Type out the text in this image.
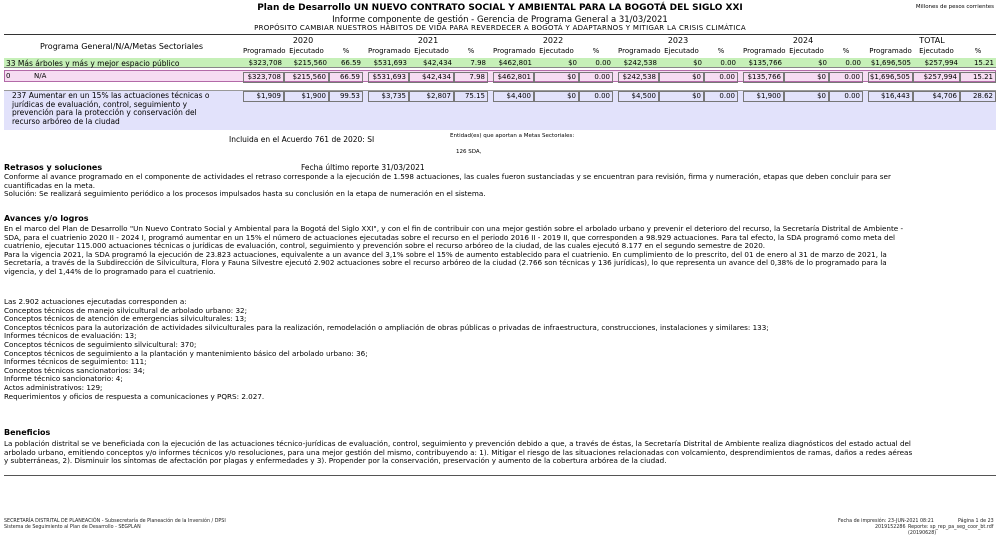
Plan de Desarrollo UN NUEVO CONTRATO SOCIAL Y AMBIENTAL PARA LA BOGOTÁ DEL SIGLO XXI
Informe componente de gestión - Gerencia de Programa General a 31/03/2021
PROPÓSITO CAMBIAR NUESTROS HÁBITOS DE VIDA PARA REVERDECER A BOGOTÁ Y ADAPTARNOS Y MITIGAR LA CRISIS CLIMÁTICA
Millones de pesos corrientes
Programa General/N/A/Metas Sectoriales
2020	2021	2022	2023	2024	TOTAL
Programado Ejecutado	%	Programado Ejecutado	%	Programado Ejecutado	%	Programado Ejecutado	%	Programado Ejecutado	%	Programado	Ejecutado	%
33 Más árboles y más y mejor espacio público	$323,708	$215,560	66.59	$531,693	$42,434	7.98	$462,801	$0	0.00	$242,538	$0	0.00	$135,766	$0	0.00	$1,696,505	$257,994	15.21
0	N/A	$323,708	$215,560	66.59	$531,693	$42,434	7.98	$462,801	$0	0.00	$242,538	$0	0.00	$135,766	$0	0.00	$1,696,505	$257,994	15.21
237 Aumentar en un 15% las actuaciones técnicas o
jurídicas de evaluación, control, seguimiento y
prevención para la protección y conservación del
recurso arbóreo de la ciudad
$1,909	$1,900	99.53	$3,735	$2,807	75.15	$4,400	$0	0.00	$4,500	$0	0.00	$1,900	$0	0.00	$16,443	$4,706	28.62
Incluida en el Acuerdo 761 de 2020: SI	Entidad(es) que aportan a Metas Sectoriales:
126 SDA,
Retrasos y soluciones	Fecha último reporte 31/03/2021
Conforme al avance programado en el componente de actividades el retraso corresponde a la ejecución de 1.598 actuaciones, las cuales fueron sustanciadas y se encuentran para revisión, firma y numeración, etapas que deben concluir para ser
cuantificadas en la meta.
Solución: Se realizará seguimiento periódico a los procesos impulsados hasta su conclusión en la etapa de numeración en el sistema.
Avances y/o logros
En el marco del Plan de Desarrollo "Un Nuevo Contrato Social y Ambiental para la Bogotá del Siglo XXI", y con el fin de contribuir con una mejor gestión sobre el arbolado urbano y prevenir el deterioro del recurso, la Secretaría Distrital de Ambiente -
SDA, para el cuatrienio 2020 II - 2024 I, programó aumentar en un 15% el número de actuaciones ejecutadas sobre el recurso en el periodo 2016 II - 2019 II, que corresponden a 98.929 actuaciones. Para tal efecto, la SDA programó como meta del
cuatrienio, ejecutar 115.000 actuaciones técnicas o jurídicas de evaluación, control, seguimiento y prevención sobre el recurso arbóreo de la ciudad, de las cuales ejecutó 8.177 en el segundo semestre de 2020.
Para la vigencia 2021, la SDA programó la ejecución de 23.823 actuaciones, equivalente a un avance del 3,1% sobre el 15% de aumento establecido para el cuatrienio. En cumplimiento de lo prescrito, del 01 de enero al 31 de marzo de 2021, la
Secretaría, a través de la Subdirección de Silvicultura, Flora y Fauna Silvestre ejecutó 2.902 actuaciones sobre el recurso arbóreo de la ciudad (2.766 son técnicas y 136 jurídicas), lo que representa un avance del 0,38% de lo programado para la
vigencia, y del 1,44% de lo programado para el cuatrienio.
Las 2.902 actuaciones ejecutadas corresponden a:
Conceptos técnicos de manejo silvicultural de arbolado urbano: 32;
Conceptos técnicos de atención de emergencias silviculturales: 13;
Conceptos técnicos para la autorización de actividades silviculturales para la realización, remodelación o ampliación de obras públicas o privadas de infraestructura, construcciones, instalaciones y similares: 133;
Informes técnicos de evaluación: 13;
Conceptos técnicos de seguimiento silvicultural: 370;
Conceptos técnicos de seguimiento a la plantación y mantenimiento básico del arbolado urbano: 36;
Informes técnicos de seguimiento: 111;
Conceptos técnicos sancionatorios: 34;
Informe técnico sancionatorio: 4;
Actos administrativos: 129;
Requerimientos y oficios de respuesta a comunicaciones y PQRS: 2.027.
Beneficios
La población distrital se ve beneficiada con la ejecución de las actuaciones técnico-jurídicas de evaluación, control, seguimiento y prevención debido a que, a través de éstas, la Secretaría Distrital de Ambiente realiza diagnósticos del estado actual del
arbolado urbano, emitiendo conceptos y/o informes técnicos y/o resoluciones, para una mejor gestión del mismo, contribuyendo a: 1). Mitigar el riesgo de las situaciones relacionadas con volcamiento, desprendimientos de ramas, daños a redes aéreas
y subterráneas, 2). Disminuir los síntomas de afectación por plagas y enfermedades y 3). Propender por la conservación, preservación y aumento de la cobertura arbórea de la ciudad.
SECRETARÍA DISTRITAL DE PLANEACIÓN - Subsecretaría de Planeación de la Inversión / DPSI
Sistema de Seguimiento al Plan de Desarrollo - SEGPLAN
Fecha de impresión: 23-JUN-2021 08:21	Página 1 de 23
2019152286 Reporte: sp_rep_pa_seg_coor_bt.rdf (20190628)
